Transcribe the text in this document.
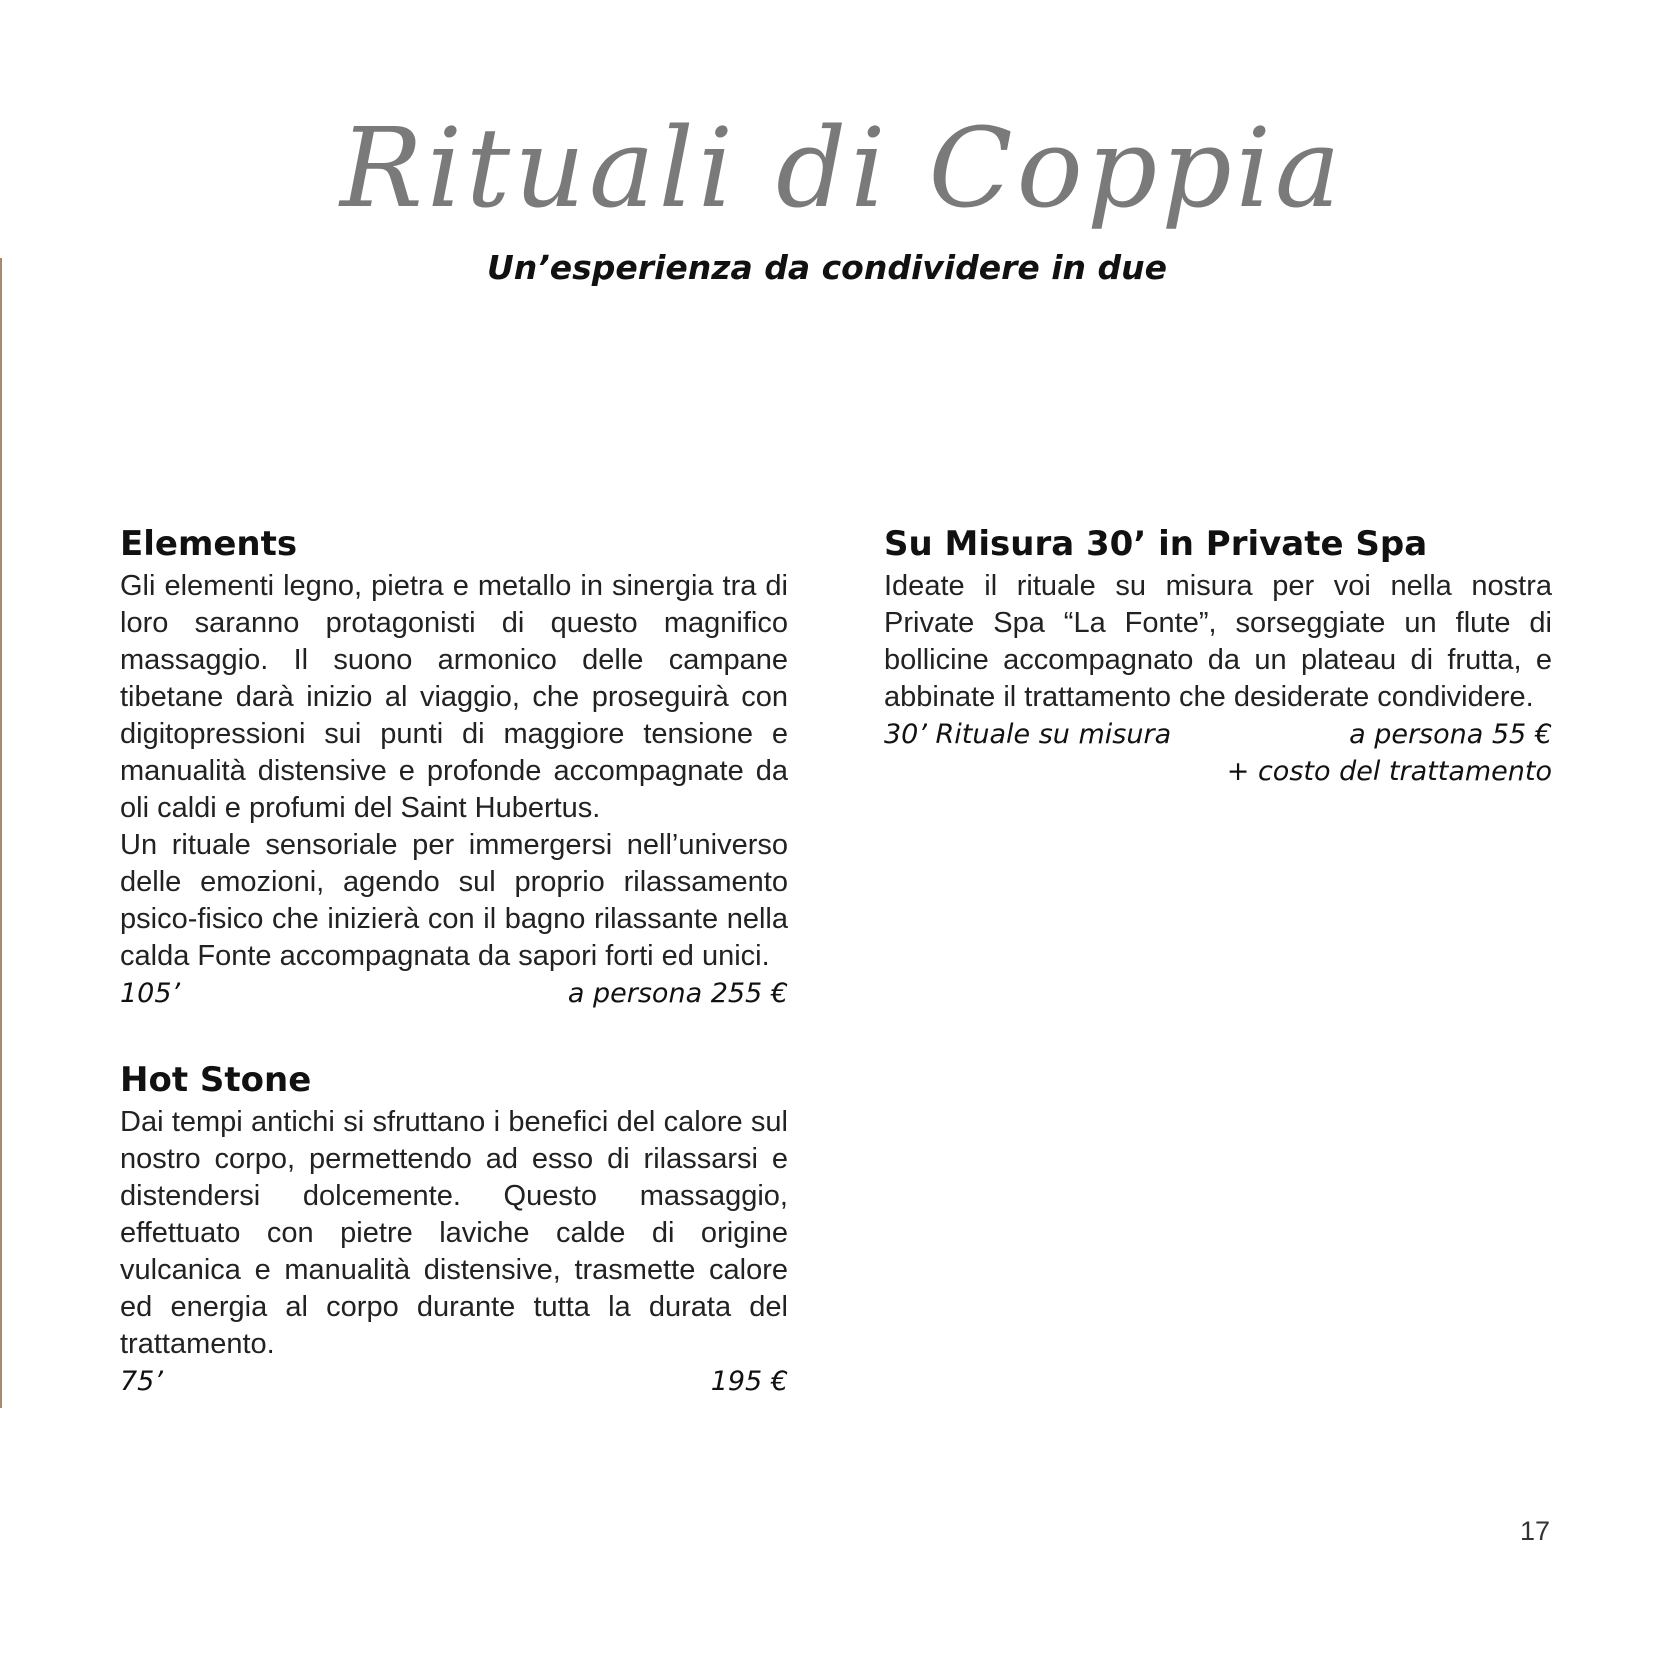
Rituali di Coppia
Un’esperienza da condividere in due
Elements

Gli elementi legno, pietra e metallo in sinergia tra di loro saranno protagonisti di questo magnifico massaggio. Il suono armonico delle campane tibetane darà inizio al viaggio, che proseguirà con digitopressioni sui punti di maggiore tensione e manualità distensive e profonde accompagnate da oli caldi e profumi del Saint Hubertus.

Un rituale sensoriale per immergersi nell’universo delle emozioni, agendo sul proprio rilassamento psico-fisico che inizierà con il bagno rilassante nella calda Fonte accompagnata da sapori forti ed unici.

105’	a persona 255 €
Hot Stone

Dai tempi antichi si sfruttano i benefici del calore sul nostro corpo, permettendo ad esso di rilassarsi e distendersi dolcemente. Questo massaggio, effettuato con pietre laviche calde di origine vulcanica e manualità distensive, trasmette calore ed energia al corpo durante tutta la durata del trattamento.

75’	195 €
Su Misura 30’ in Private Spa

Ideate il rituale su misura per voi nella nostra Private Spa “La Fonte”, sorseggiate un flute di bollicine accompagnato da un plateau di frutta, e abbinate il trattamento che desiderate condividere.

30’ Rituale su misura	a persona 55 €
+ costo del trattamento
17
